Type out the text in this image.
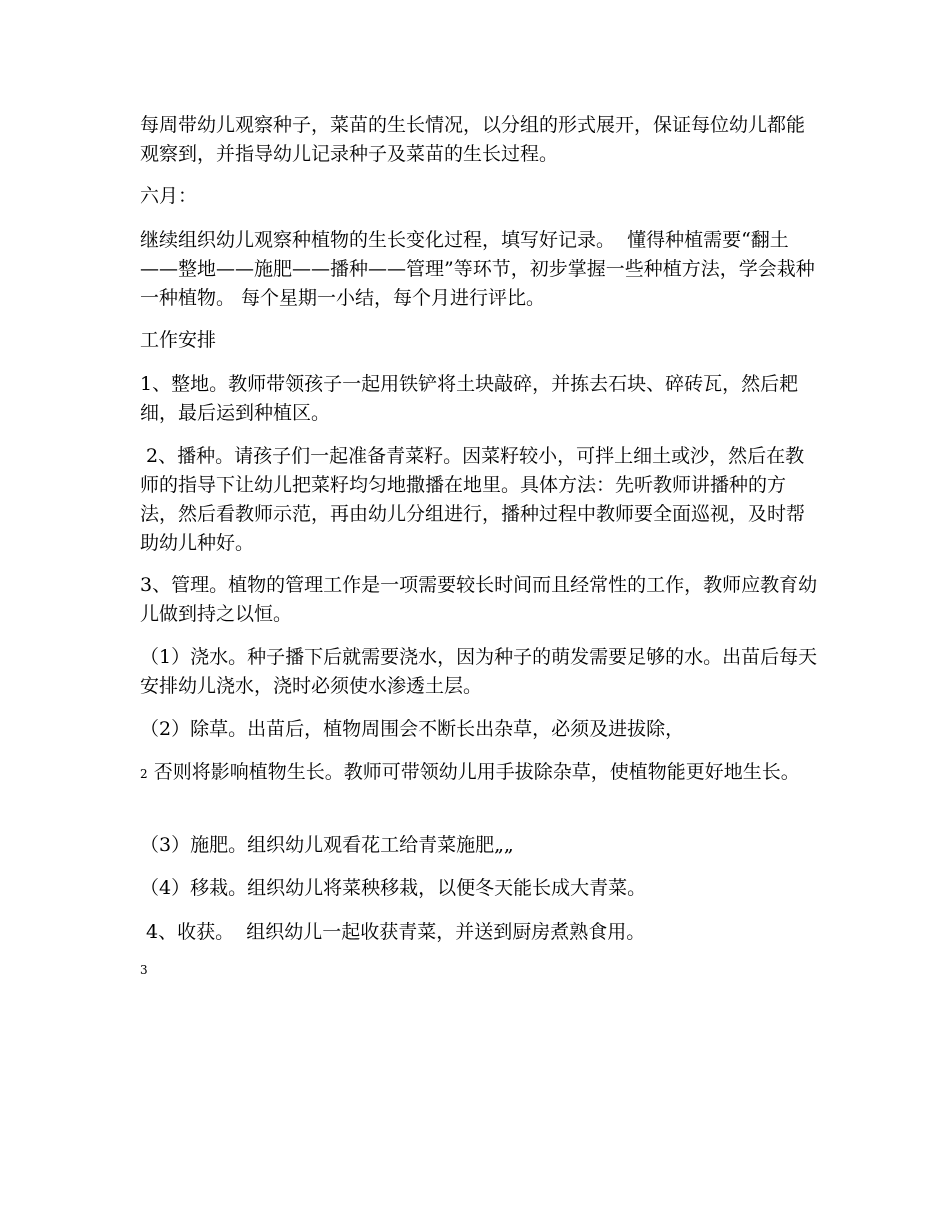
每周带幼儿观察种子，菜苗的生长情况，以分组的形式展开，保证每位幼儿都能观察到，并指导幼儿记录种子及菜苗的生长过程。

六月：

继续组织幼儿观察种植物的生长变化过程，填写好记录。  懂得种植需要“翻土——整地——施肥——播种——管理”等环节，初步掌握一些种植方法，学会栽种一种植物。 每个星期一小结，每个月进行评比。

工作安排

1、整地。教师带领孩子一起用铁铲将土块敲碎，并拣去石块、碎砖瓦，然后耙细，最后运到种植区。

2、播种。请孩子们一起准备青菜籽。因菜籽较小，可拌上细土或沙，然后在教师的指导下让幼儿把菜籽均匀地撒播在地里。具体方法：先听教师讲播种的方法，然后看教师示范，再由幼儿分组进行，播种过程中教师要全面巡视，及时帮助幼儿种好。

3、管理。植物的管理工作是一项需要较长时间而且经常性的工作，教师应教育幼儿做到持之以恒。

（1）浇水。种子播下后就需要浇水，因为种子的萌发需要足够的水。出苗后每天安排幼儿浇水，浇时必须使水渗透土层。

（2）除草。出苗后，植物周围会不断长出杂草，必须及进拔除，

2 否则将影响植物生长。教师可带领幼儿用手拔除杂草，使植物能更好地生长。

（3）施肥。组织幼儿观看花工给青菜施肥„„

（4）移栽。组织幼儿将菜秧移栽，以便冬天能长成大青菜。

4、收获。  组织幼儿一起收获青菜，并送到厨房煮熟食用。

3
